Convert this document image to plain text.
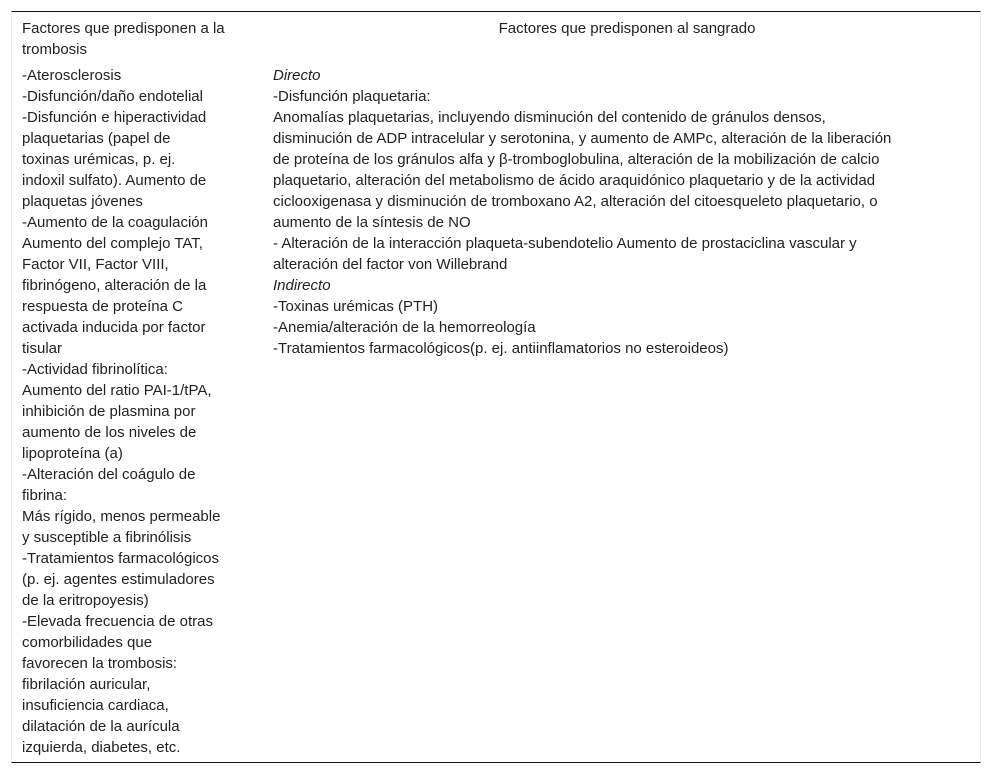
Factores que predisponen a la
trombosis
Factores que predisponen al sangrado
-Aterosclerosis
-Disfunción/daño endotelial
-Disfunción e hiperactividad
plaquetarias (papel de
toxinas urémicas, p. ej.
indoxil sulfato). Aumento de
plaquetas jóvenes
-Aumento de la coagulación
Aumento del complejo TAT,
Factor VII, Factor VIII,
fibrinógeno, alteración de la
respuesta de proteína C
activada inducida por factor
tisular
-Actividad fibrinolítica:
Aumento del ratio PAI-1/tPA,
inhibición de plasmina por
aumento de los niveles de
lipoproteína (a)
-Alteración del coágulo de
fibrina:
Más rígido, menos permeable
y susceptible a fibrinólisis
-Tratamientos farmacológicos
(p. ej. agentes estimuladores
de la eritropoyesis)
-Elevada frecuencia de otras
comorbilidades que
favorecen la trombosis:
fibrilación auricular,
insuficiencia cardiaca,
dilatación de la aurícula
izquierda, diabetes, etc.
Directo
-Disfunción plaquetaria:
Anomalías plaquetarias, incluyendo disminución del contenido de gránulos densos,
disminución de ADP intracelular y serotonina, y aumento de AMPc, alteración de la liberación
de proteína de los gránulos alfa y β-tromboglobulina, alteración de la mobilización de calcio
plaquetario, alteración del metabolismo de ácido araquidónico plaquetario y de la actividad
ciclooxigenasa y disminución de tromboxano A2, alteración del citoesqueleto plaquetario, o
aumento de la síntesis de NO
- Alteración de la interacción plaqueta-subendotelio Aumento de prostaciclina vascular y
alteración del factor von Willebrand
Indirecto
-Toxinas urémicas (PTH)
-Anemia/alteración de la hemorreología
-Tratamientos farmacológicos(p. ej. antiinflamatorios no esteroideos)
